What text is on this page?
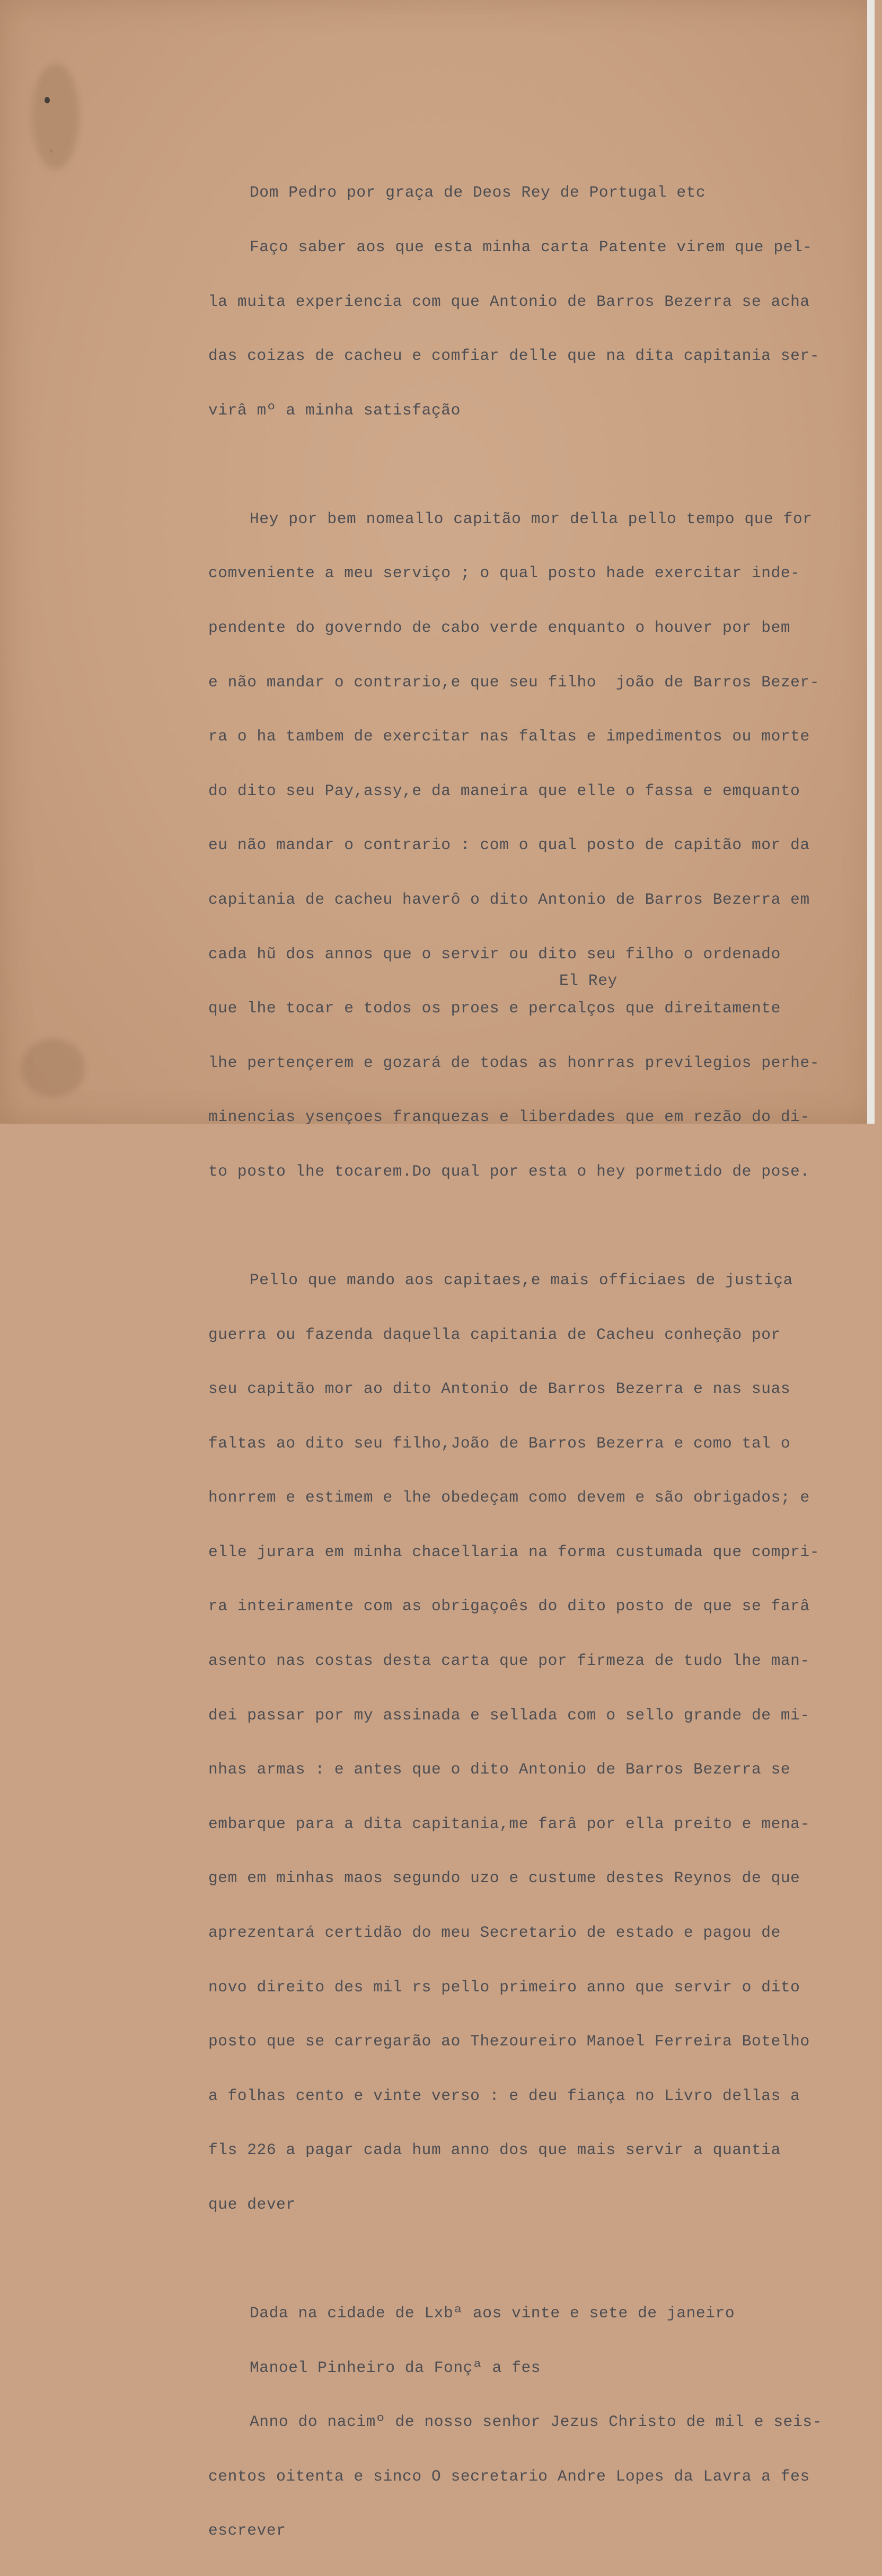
Dom Pedro por graça de Deos Rey de Portugal etc

Faço saber aos que esta minha carta Patente virem que pel-

la muita experiencia com que Antonio de Barros Bezerra se acha

das coizas de cacheu e comfiar delle que na dita capitania ser-

virâ mº a minha satisfação

Hey por bem nomeallo capitão mor della pello tempo que for

comveniente a meu serviço ; o qual posto hade exercitar inde-

pendente do governdo de cabo verde enquanto o houver por bem

e não mandar o contrario,e que seu filho  joão de Barros Bezer-

ra o ha tambem de exercitar nas faltas e impedimentos ou morte

do dito seu Pay,assy,e da maneira que elle o fassa e emquanto

eu não mandar o contrario : com o qual posto de capitão mor da

capitania de cacheu haverô o dito Antonio de Barros Bezerra em

cada hũ dos annos que o servir ou dito seu filho o ordenado

que lhe tocar e todos os proes e percalços que direitamente

lhe pertençerem e gozará de todas as honrras previlegios perhe-

minencias ysençoes franquezas e liberdades que em rezão do di-

to posto lhe tocarem.Do qual por esta o hey pormetido de pose.

Pello que mando aos capitaes,e mais officiaes de justiça

guerra ou fazenda daquella capitania de Cacheu conheção por

seu capitão mor ao dito Antonio de Barros Bezerra e nas suas

faltas ao dito seu filho,João de Barros Bezerra e como tal o

honrrem e estimem e lhe obedeçam como devem e são obrigados; e

elle jurara em minha chacellaria na forma custumada que compri-

ra inteiramente com as obrigaçoês do dito posto de que se farâ

asento nas costas desta carta que por firmeza de tudo lhe man-

dei passar por my assinada e sellada com o sello grande de mi-

nhas armas : e antes que o dito Antonio de Barros Bezerra se

embarque para a dita capitania,me farâ por ella preito e mena-

gem em minhas maos segundo uzo e custume destes Reynos de que

aprezentará certidão do meu Secretario de estado e pagou de

novo direito des mil rs pello primeiro anno que servir o dito

posto que se carregarão ao Thezoureiro Manoel Ferreira Botelho

a folhas cento e vinte verso : e deu fiança no Livro dellas a

fls 226 a pagar cada hum anno dos que mais servir a quantia

que dever

Dada na cidade de Lxbª aos vinte e sete de janeiro

Manoel Pinheiro da Fonçª a fes

Anno do nacimº de nosso senhor Jezus Christo de mil e seis-

centos oitenta e sinco O secretario Andre Lopes da Lavra a fes

escrever

El Rey
